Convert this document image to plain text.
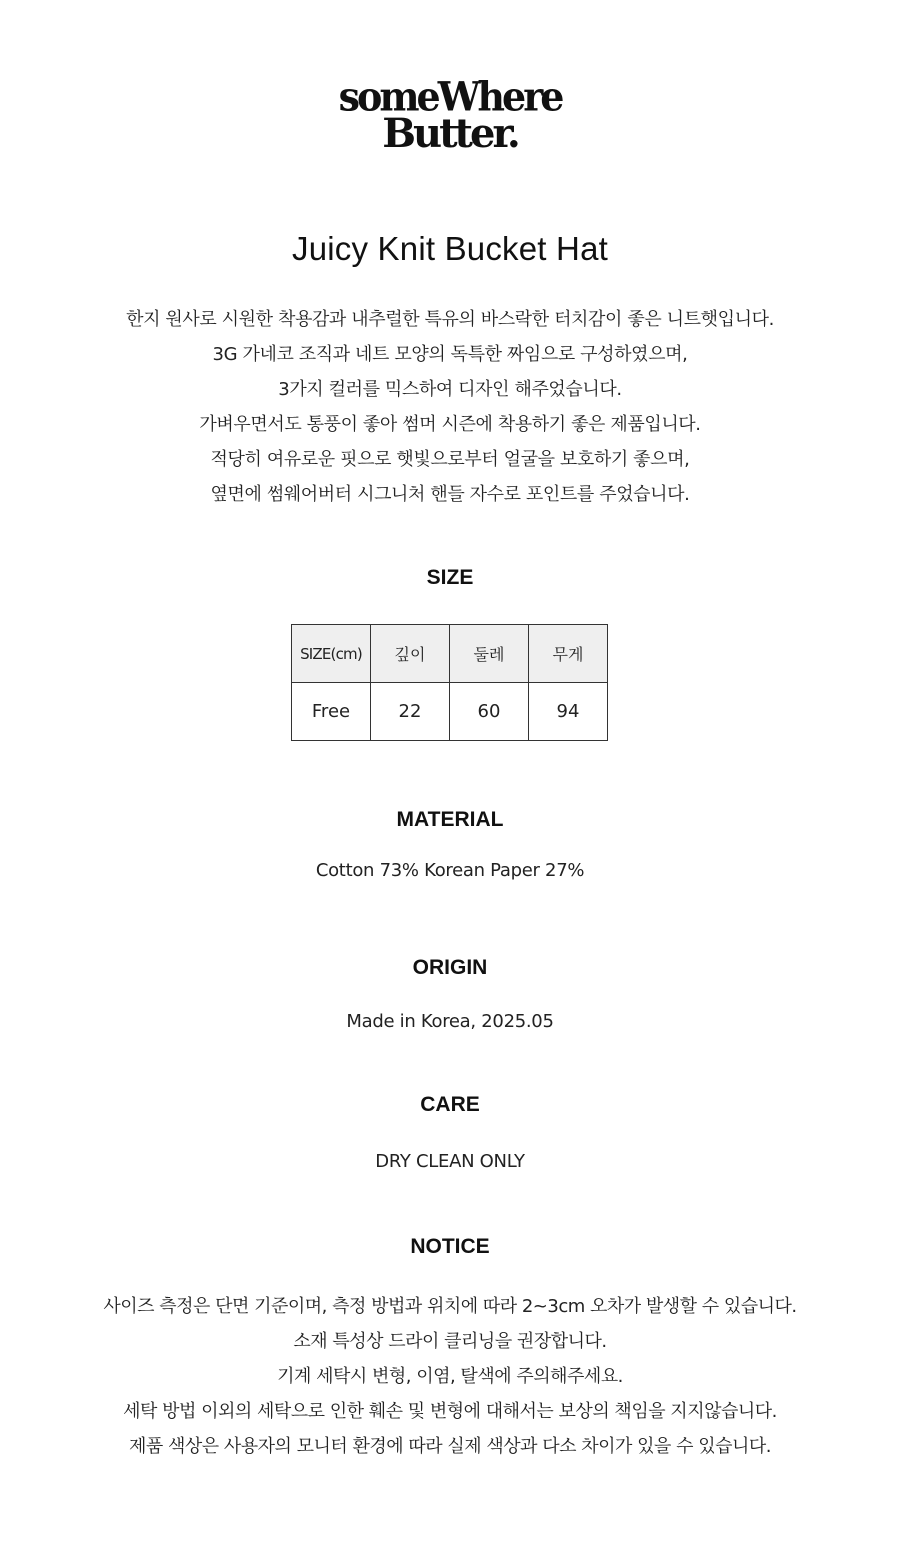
someWhere
Butter.
Juicy Knit Bucket Hat

한지 원사로 시원한 착용감과 내추럴한 특유의 바스락한 터치감이 좋은 니트햇입니다.

3G 가네코 조직과 네트 모양의 독특한 짜임으로 구성하였으며,

3가지 컬러를 믹스하여 디자인 해주었습니다.

가벼우면서도 통풍이 좋아 썸머 시즌에 착용하기 좋은 제품입니다.

적당히 여유로운 핏으로 햇빛으로부터 얼굴을 보호하기 좋으며,

옆면에 썸웨어버터 시그니처 핸들 자수로 포인트를 주었습니다.

SIZE
SIZE(cm)	깊이	둘레	무게
Free	22	60	94
MATERIAL
Cotton 73% Korean Paper 27%
ORIGIN
Made in Korea, 2025.05
CARE
DRY CLEAN ONLY
NOTICE

사이즈 측정은 단면 기준이며, 측정 방법과 위치에 따라 2~3cm 오차가 발생할 수 있습니다.

소재 특성상 드라이 클리닝을 권장합니다.

기계 세탁시 변형, 이염, 탈색에 주의해주세요.

세탁 방법 이외의 세탁으로 인한 훼손 및 변형에 대해서는 보상의 책임을 지지않습니다.

제품 색상은 사용자의 모니터 환경에 따라 실제 색상과 다소 차이가 있을 수 있습니다.
